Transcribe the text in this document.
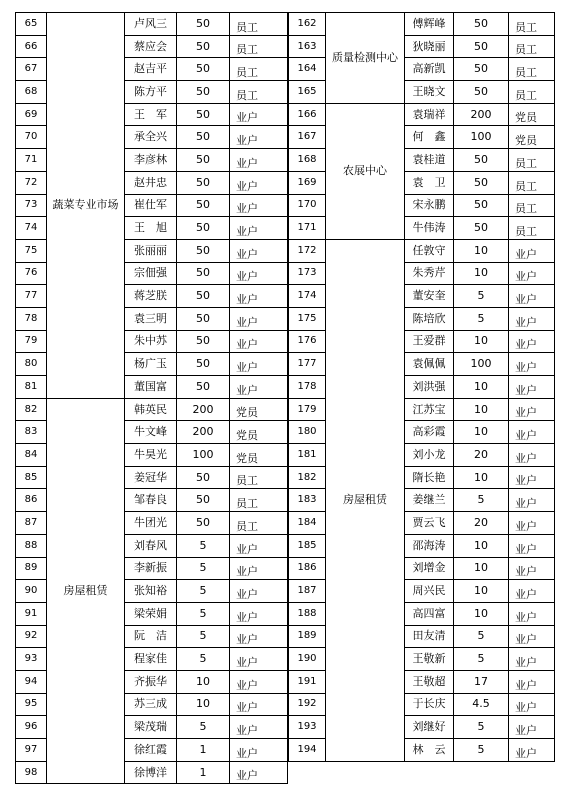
65	蔬菜专业市场	卢风三	50	员工
66		蔡应会	50	员工
67		赵吉平	50	员工
68		陈方平	50	员工
69		王　军	50	业户
70		承全兴	50	业户
71		李彦林	50	业户
72		赵井忠	50	业户
73		崔仕军	50	业户
74		王　旭	50	业户
75		张丽丽	50	业户
76		宗佃强	50	业户
77		蒋芝朕	50	业户
78		袁三明	50	业户
79		朱中苏	50	业户
80		杨广玉	50	业户
81		董国富	50	业户
82	房屋租赁	韩英民	200	党员
83		牛文峰	200	党员
84		牛昊光	100	党员
85		姜冠华	50	员工
86		邹春良	50	员工
87		牛团光	50	员工
88		刘春风	5	业户
89		李新振	5	业户
90		张知裕	5	业户
91		梁荣娟	5	业户
92		阮　洁	5	业户
93		程家佳	5	业户
94		齐振华	10	业户
95		苏三成	10	业户
96		梁茂瑞	5	业户
97		徐红霞	1	业户
98		徐博洋	1	业户
162	质量检测中心	傅辉峰	50	员工
163		狄晓丽	50	员工
164		高新凯	50	员工
165		王晓文	50	员工
166	农展中心	袁瑞祥	200	党员
167		何　鑫	100	党员
168		袁桂道	50	员工
169		袁　卫	50	员工
170		宋永鹏	50	员工
171		牛伟涛	50	员工
172	房屋租赁	任敦守	10	业户
173		朱秀芹	10	业户
174		董安奎	5	业户
175		陈培欣	5	业户
176		王爱群	10	业户
177		袁佩佩	100	业户
178		刘洪强	10	业户
179		江苏宝	10	业户
180		高彩霞	10	业户
181		刘小龙	20	业户
182		隋长艳	10	业户
183		姜继兰	5	业户
184		贾云飞	20	业户
185		邵海涛	10	业户
186		刘增金	10	业户
187		周兴民	10	业户
188		高四富	10	业户
189		田友清	5	业户
190		王敬新	5	业户
191		王敬超	17	业户
192		于长庆	4.5	业户
193		刘继好	5	业户
194		林　云	5	业户
